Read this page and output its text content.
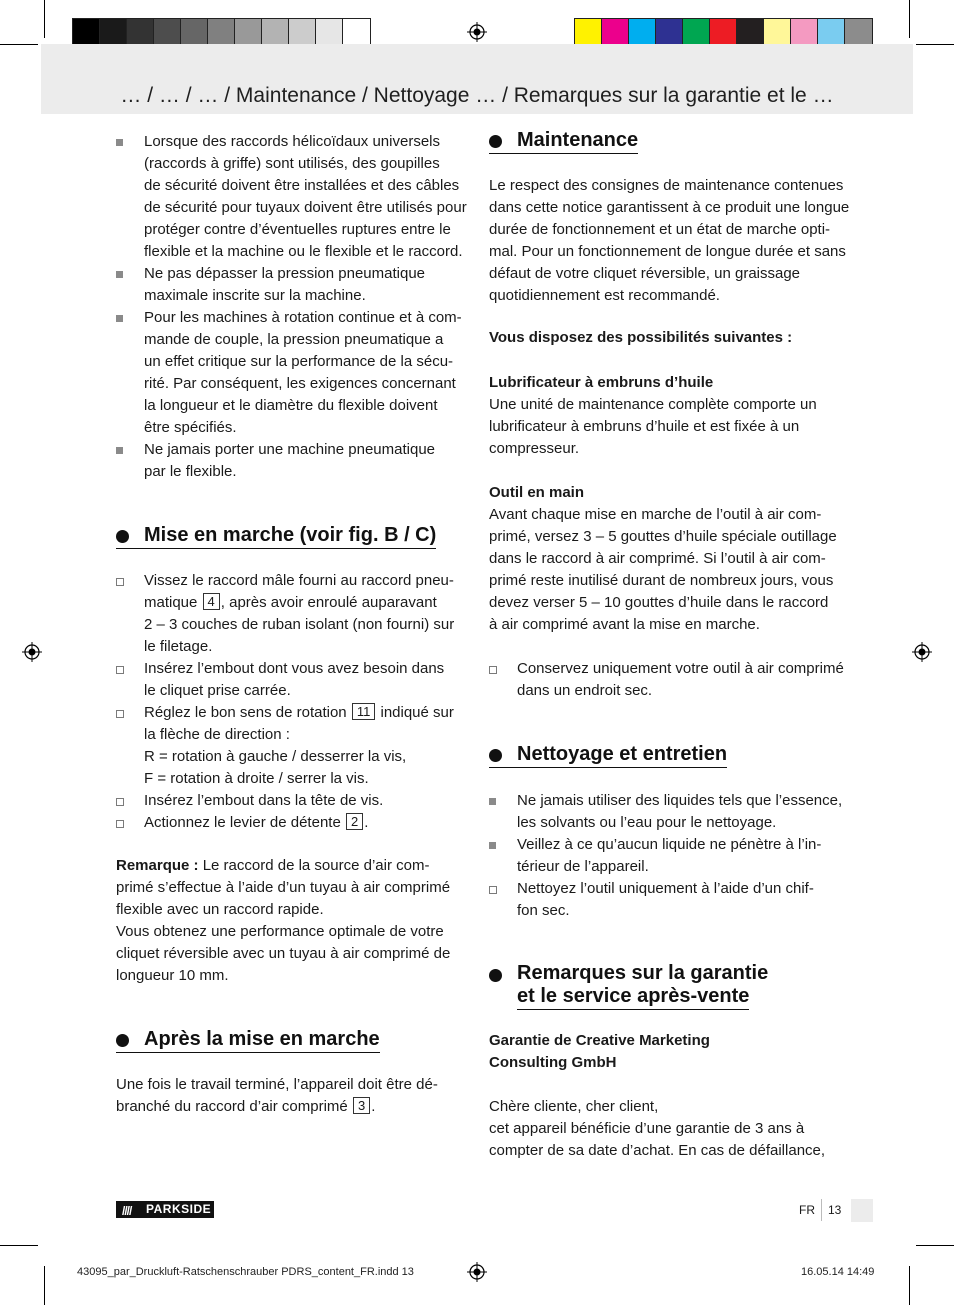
… / … / … / Maintenance / Nettoyage … / Remarques sur la garantie et le …
Lorsque des raccords hélicoïdaux universels
(raccords à griffe) sont utilisés, des goupilles
de sécurité doivent être installées et des câbles
de sécurité pour tuyaux doivent être utilisés pour
protéger contre d’éventuelles ruptures entre le
flexible et la machine ou le flexible et le raccord.
Ne pas dépasser la pression pneumatique
maximale inscrite sur la machine.
Pour les machines à rotation continue et à com-
mande de couple, la pression pneumatique a
un effet critique sur la performance de la sécu-
rité. Par conséquent, les exigences concernant
la longueur et le diamètre du flexible doivent
être spécifiés.
Ne jamais porter une machine pneumatique
par le flexible.
Mise en marche (voir fig. B / C)
Vissez le raccord mâle fourni au raccord pneu-
matique 4 , après avoir enroulé auparavant
2 – 3 couches de ruban isolant (non fourni) sur
le filetage.
Insérez l’embout dont vous avez besoin dans
le cliquet prise carrée.
Réglez le bon sens de rotation 11 indiqué sur
la flèche de direction :
R = rotation à gauche / desserrer la vis,
F = rotation à droite / serrer la vis.
Insérez l’embout dans la tête de vis.
Actionnez le levier de détente 2 .
Remarque : Le raccord de la source d’air com-
primé s’effectue à l’aide d’un tuyau à air comprimé
flexible avec un raccord rapide.
Vous obtenez une performance optimale de votre
cliquet réversible avec un tuyau à air comprimé de
longueur 10 mm.
Après la mise en marche
Une fois le travail terminé, l’appareil doit être dé-
branché du raccord d’air comprimé 3 .
Maintenance
Le respect des consignes de maintenance contenues
dans cette notice garantissent à ce produit une longue
durée de fonctionnement et un état de marche opti-
mal. Pour un fonctionnement de longue durée et sans
défaut de votre cliquet réversible, un graissage
quotidiennement est recommandé.
Vous disposez des possibilités suivantes :
Lubrificateur à embruns d’huile
Une unité de maintenance complète comporte un
lubrificateur à embruns d’huile et est fixée à un
compresseur.
Outil en main
Avant chaque mise en marche de l’outil à air com-
primé, versez 3 – 5 gouttes d’huile spéciale outillage
dans le raccord à air comprimé. Si l’outil à air com-
primé reste inutilisé durant de nombreux jours, vous
devez verser 5 – 10 gouttes d’huile dans le raccord
à air comprimé avant la mise en marche.
Conservez uniquement votre outil à air comprimé
dans un endroit sec.
Nettoyage et entretien
Ne jamais utiliser des liquides tels que l’essence,
les solvants ou l’eau pour le nettoyage.
Veillez à ce qu’aucun liquide ne pénètre à l’in-
térieur de l’appareil.
Nettoyez l’outil uniquement à l’aide d’un chif-
fon sec.
Remarques sur la garantie
et le service après-vente
Garantie de Creative Marketing
Consulting GmbH
Chère cliente, cher client,
cet appareil bénéficie d’une garantie de 3 ans à
compter de sa date d’achat. En cas de défaillance,
//// PARKSIDE	FR 13
43095_par_Druckluft-Ratschenschrauber PDRS_content_FR.indd 13	16.05.14 14:49
